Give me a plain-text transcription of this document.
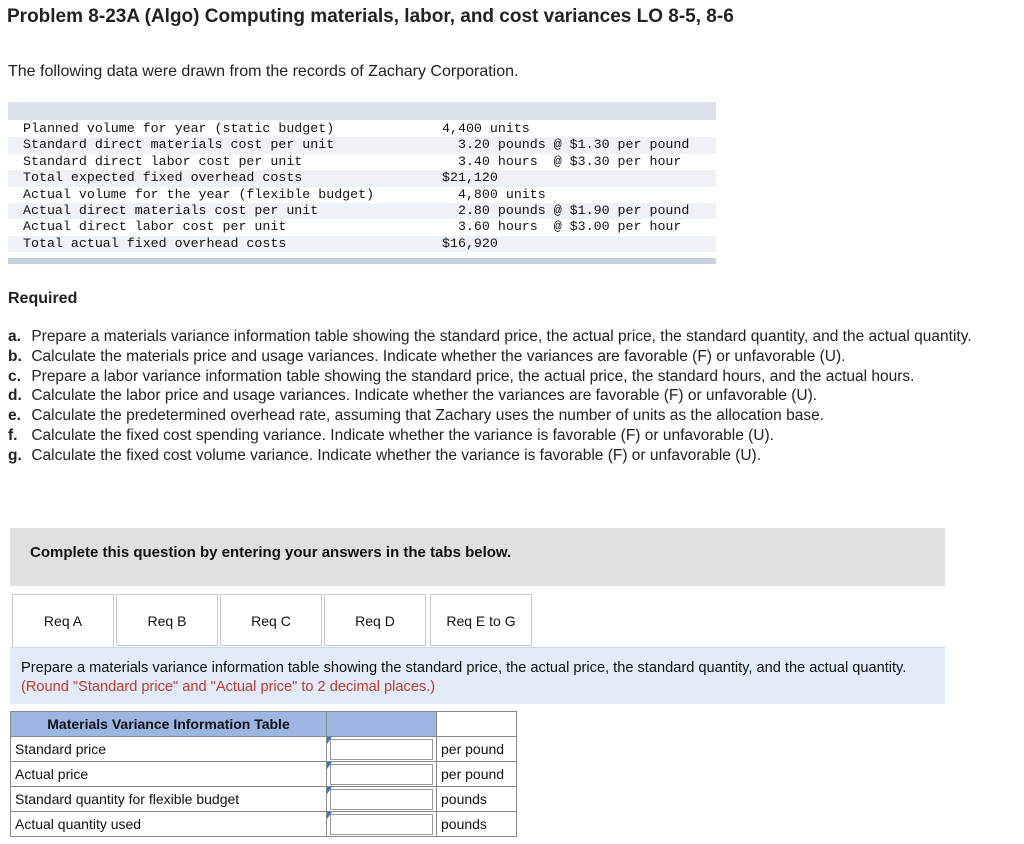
Problem 8-23A (Algo) Computing materials, labor, and cost variances LO 8-5, 8-6
The following data were drawn from the records of Zachary Corporation.

Planned volume for year (static budget)

	4,400 units

Standard direct materials cost per unit

	3.20 pounds @ $1.30 per pound

Standard direct labor cost per unit

	3.40 hours  @ $3.30 per hour

Total expected fixed overhead costs

	$21,120

Actual volume for the year (flexible budget)

	4,800 units

Actual direct materials cost per unit

	2.80 pounds @ $1.90 per pound

Actual direct labor cost per unit

	3.60 hours  @ $3.00 per hour

Total actual fixed overhead costs

	$16,920

Required
a. Prepare a materials variance information table showing the standard price, the actual price, the standard quantity, and the actual quantity.
b. Calculate the materials price and usage variances. Indicate whether the variances are favorable (F) or unfavorable (U).
c. Prepare a labor variance information table showing the standard price, the actual price, the standard hours, and the actual hours.
d. Calculate the labor price and usage variances. Indicate whether the variances are favorable (F) or unfavorable (U).
e. Calculate the predetermined overhead rate, assuming that Zachary uses the number of units as the allocation base.
f. Calculate the fixed cost spending variance. Indicate whether the variance is favorable (F) or unfavorable (U).
g. Calculate the fixed cost volume variance. Indicate whether the variance is favorable (F) or unfavorable (U).
Complete this question by entering your answers in the tabs below.
Req A	Req B	Req C	Req D	Req E to G

Prepare a materials variance information table showing the standard price, the actual price, the standard quantity, and the actual quantity. (Round "Standard price" and "Actual price" to 2 decimal places.)

Materials Variance Information Table		
Standard price		per pound
Actual price		per pound
Standard quantity for flexible budget		pounds
Actual quantity used		pounds
